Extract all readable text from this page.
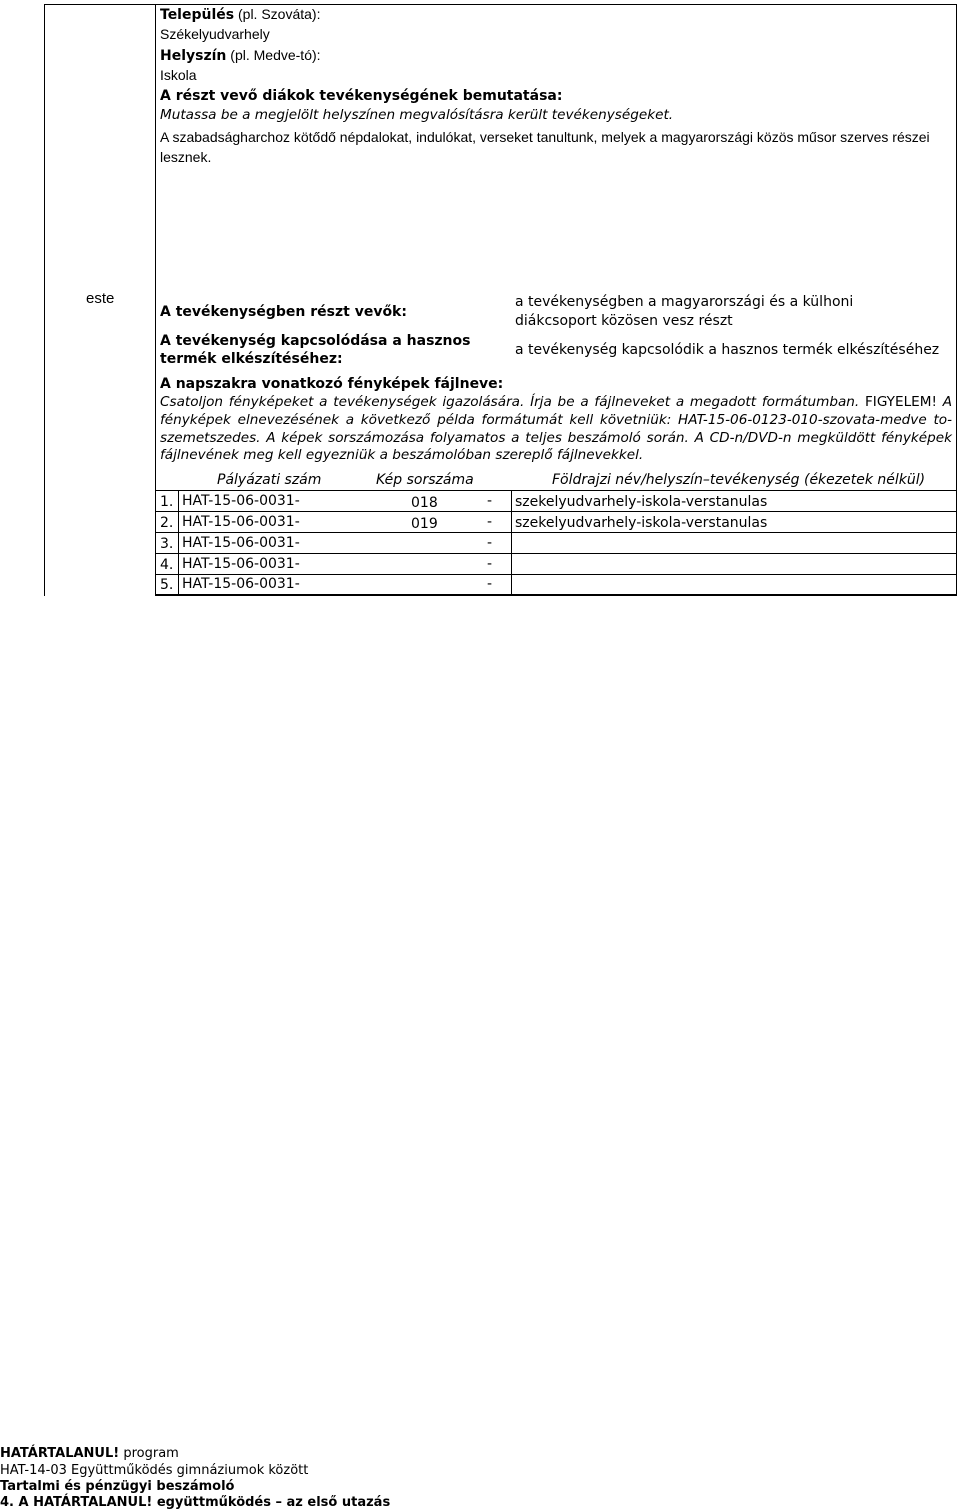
Település (pl. Szováta):
Székelyudvarhely
Helyszín (pl. Medve-tó):
Iskola
A részt vevő diákok tevékenységének bemutatása:
Mutassa be a megjelölt helyszínen megvalósításra került tevékenységeket.
A szabadságharchoz kötődő népdalokat, indulókat, verseket tanultunk, melyek a magyarországi közös műsor szerves részei lesznek.
este
A tevékenységben részt vevők:
a tevékenységben a magyarországi és a külhoni diákcsoport közösen vesz részt
A tevékenység kapcsolódása a hasznos termék elkészítéséhez:
a tevékenység kapcsolódik a hasznos termék elkészítéséhez
A napszakra vonatkozó fényképek fájlneve:
Csatoljon fényképeket a tevékenységek igazolására. Írja be a fájlneveket a megadott formátumban. FIGYELEM! A fényképek elnevezésének a következő példa formátumát kell követniük: HAT-15-06-0123-010-szovata-medve to-szemetszedes. A képek sorszámozása folyamatos a teljes beszámoló során. A CD-n/DVD-n megküldött fényképek fájlnevének meg kell egyezniük a beszámolóban szereplő fájlnevekkel.
Pályázati szám	Kép sorszáma	Földrajzi név/helyszín–tevékenység (ékezetek nélkül)
1. HAT-15-06-0031-	018	- szekelyudvarhely-iskola-verstanulas
2. HAT-15-06-0031-	019	- szekelyudvarhely-iskola-verstanulas
3. HAT-15-06-0031-	-
4. HAT-15-06-0031-	-
5. HAT-15-06-0031-	-
HATÁRTALANUL! program
HAT-14-03 Együttműködés gimnáziumok között
Tartalmi és pénzügyi beszámoló
4. A HATÁRTALANUL! együttműködés – az első utazás
